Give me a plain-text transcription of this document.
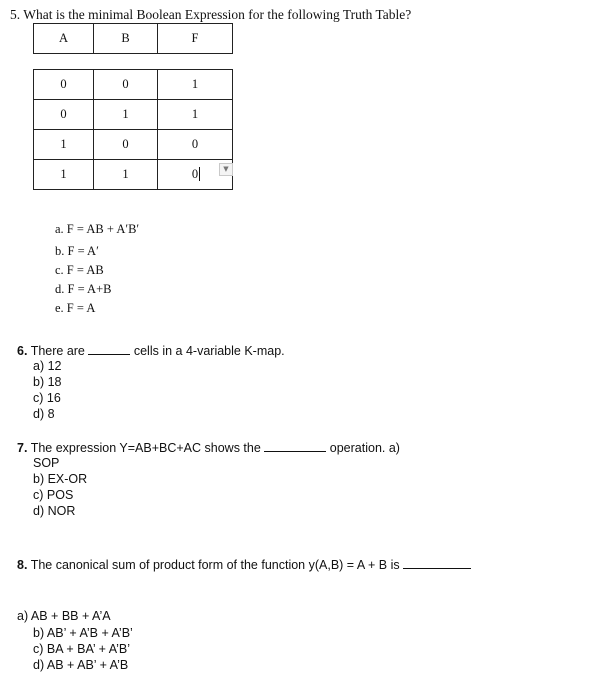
5. What is the minimal Boolean Expression for the following Truth Table?
A	B	F
0	0	1
0	1	1
1	0	0
1	1	0	▼
a. F = AB + A′B′
b. F = A′
c. F = AB
d. F = A+B
e. F = A
6. There are	cells in a 4-variable K-map.
a) 12
b) 18
c) 16
d) 8
7. The expression Y=AB+BC+AC shows the	operation. a)
SOP
b) EX-OR
c) POS
d) NOR
8. The canonical sum of product form of the function y(A,B) = A + B is
a) AB + BB + A’A
b) AB’ + A’B + A’B’
c) BA + BA’ + A’B’
d) AB + AB’ + A’B
